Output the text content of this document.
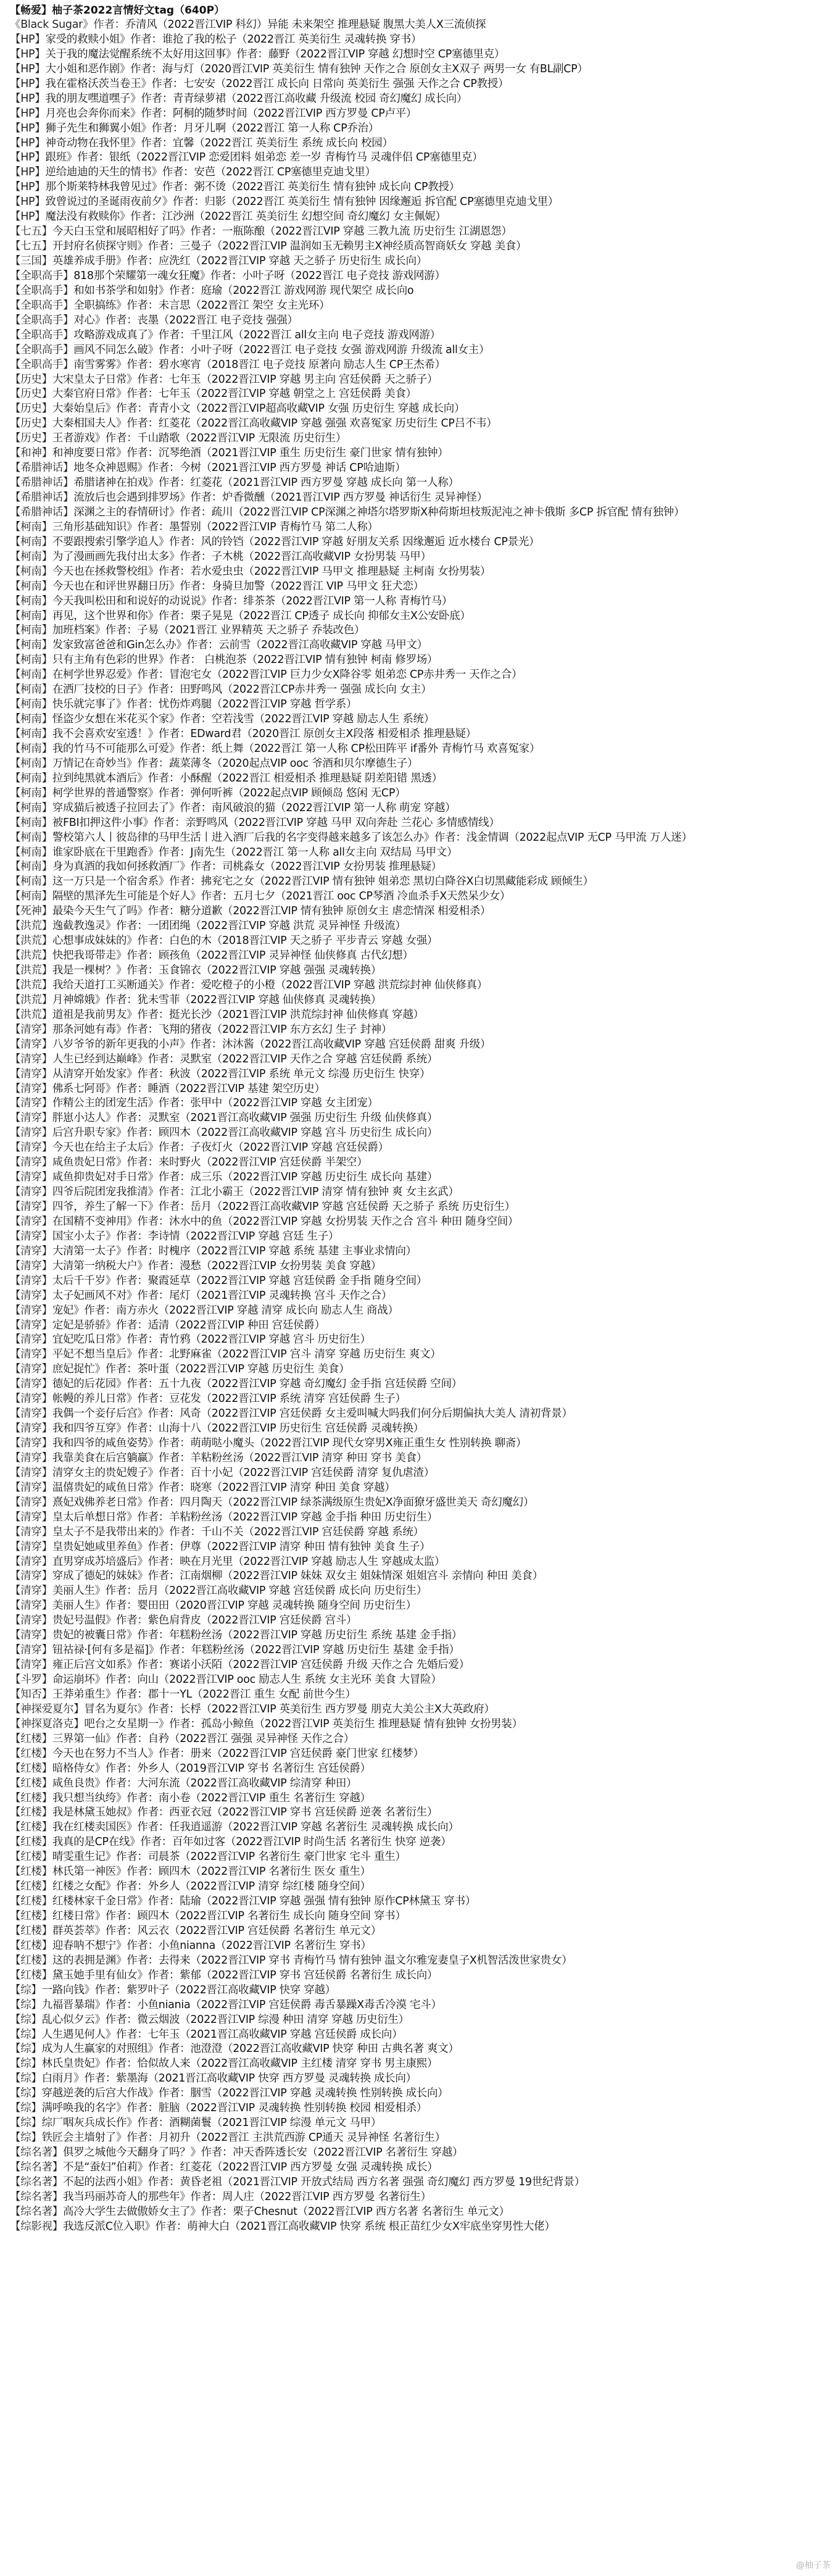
【畅爱】柚子茶2022言情好文tag（640P）
《Black Sugar》作者：乔清风（2022晋江VIP 科幻）异能 未来架空 推理悬疑 腹黑大美人X三流侦探
【HP】家受的救赎小姐》作者：谁抢了我的松子（2022晋江 英美衍生 灵魂转换 穿书）
【HP】关于我的魔法觉醒系统不太好用这回事》作者：藤野（2022晋江VIP 穿越 幻想时空 CP塞德里克）
【HP】大小姐和恶作剧》作者：海与灯（2020晋江VIP 英美衍生 情有独钟 天作之合 原创女主X双子 两男一女 有BL副CP）
【HP】我在霍格沃茨当卷王》作者：七安安（2022晋江 成长向 日常向 英美衍生 强强 天作之合 CP教授）
【HP】我的朋友嘿道嘿子》作者：青青绿萝裙（2022晋江高收藏 升级流 校园 奇幻魔幻 成长向）
【HP】月亮也会奔你而来》作者：阿桐的随梦时间（2022晋江VIP 西方罗曼 CP卢平）
【HP】狮子先生和狮翼小姐》作者：月牙儿啊（2022晋江 第一人称 CP乔治）
【HP】神奇动物在我怀里》作者：宜馨（2022晋江 英美衍生 系统 成长向 校园）
【HP】跟班》作者：银纸（2022晋江VIP 恋爱团料 姐弟恋 差一岁 青梅竹马 灵魂伴侣 CP塞德里克）
【HP】逆给迪迪的天生的情书》作者：安芭（2022晋江 CP塞德里克迪戈里）
【HP】那个斯莱特林我曾见过》作者：粥不烫（2022晋江 英美衍生 情有独钟 成长向 CP教授）
【HP】致曾说过的圣诞雨夜前夕》作者：归影（2022晋江 英美衍生 情有独钟 因缘邂逅 拆官配 CP塞德里克迪戈里）
【HP】魔法没有救赎你》作者：江沙洲（2022晋江 英美衍生 幻想空间 奇幻魔幻 女主佩妮）
【七五】今天白玉堂和展昭相好了吗》作者：一瓶陈酿（2022晋江VIP 穿越 三教九流 历史衍生 江湖恩怨）
【七五】开封府名侦探守则》作者：三曼子（2022晋江VIP 温润如玉无赖男主X神经质高智商妖女 穿越 美食）
【三国】英雄养成手册》作者：应洗红（2022晋江VIP 穿越 天之骄子 历史衍生 成长向）
【全职高手】818那个荣耀第一魂女狂魔》作者：小叶子呀（2022晋江 电子竞技 游戏网游）
【全职高手】和如书茶学和如射》作者：庭瑜（2022晋江 游戏网游 现代架空 成长向o
【全职高手】全职搞练》作者：未言思（2022晋江 架空 女主光环）
【全职高手】对心》作者：丧墨（2022晋江 电子竞技 强强）
【全职高手】攻略游戏成真了》作者：千里江风（2022晋江 all女主向 电子竞技 游戏网游）
【全职高手】画风不同怎么破》作者：小叶子呀（2022晋江 电子竞技 女强 游戏网游 升级流 all女主）
【全职高手】南雪雾雾》作者：碧水寒宵（2018晋江 电子竞技 原著向 励志人生 CP王杰希）
【历史】大宋皇太子日常》作者：七年玉（2022晋江VIP 穿越 男主向 宫廷侯爵 天之骄子）
【历史】大秦官府日常》作者：七年玉（2022晋江VIP 穿越 朝堂之上 宫廷侯爵 美食）
【历史】大秦始皇后》作者：青青小文（2022晋江VIP超高收藏VIP 女强 历史衍生 穿越 成长向）
【历史】大秦相国夫人》作者：红菱花（2022晋江高收藏VIP 穿越 强强 欢喜冤家 历史衍生 CP吕不韦）
【历史】王者游戏》作者：千山踏歌（2022晋江VIP 无限流 历史衍生）
【和神】和神度要日常》作者：沉琴绝酒（2021晋江VIP 重生 历史衍生 豪门世家 情有独钟）
【希腊神话】地冬众神恩赐》作者：今树（2021晋江VIP 西方罗曼 神话 CP哈迪斯）
【希腊神话】希腊诸神在拍戏》作者：红菱花（2021晋江VIP 西方罗曼 穿越 成长向 第一人称）
【希腊神话】流放后也会遇到排罗场》作者：炉香微醺（2021晋江VIP 西方罗曼 神话衍生 灵异神怪）
【希腊神话】深渊之主的春情研讨》作者：疏川（2022晋江VIP CP深渊之神塔尔塔罗斯X种荷斯坦枝叛泥沌之神卡俄斯 多CP 拆官配 情有独钟）
【柯南】三角形基础知识》作者：墨誓别（2022晋江VIP 青梅竹马 第二人称）
【柯南】不要跟搜索引擎学追人》作者：风的铃铛（2022晋江VIP 穿越 好朋友关系 因缘邂逅 近水楼台 CP景光）
【柯南】为了漫画画先我付出太多》作者：子木桃（2022晋江高收藏VIP 女扮男装 马甲）
【柯南】今天也在拯救警校组》作者：若水爱虫虫（2022晋江VIP 马甲文 推理悬疑 主柯南 女扮男装）
【柯南】今天也在和评世界翻日历》作者：身骑旦加警（2022晋江 VIP 马甲文 狂犬恋）
【柯南】今天我叫松田和和说好的动说说》作者：绯茶茶（2022晋江VIP 第一人称 青梅竹马）
【柯南】再见，这个世界和你》作者：栗子晃晃（2022晋江 CP透子 成长向 抑郁女主X公安卧底）
【柯南】加班档案》作者：子易（2021晋江 业界精英 天之骄子 乔装改色）
【柯南】发家致富爸爸和Gin怎么办》作者：云前雪（2022晋江高收藏VIP 穿越 马甲文）
【柯南】只有主角有色彩的世界》作者： 白桃泡茶（2022晋江VIP 情有独钟 柯南 修罗场）
【柯南】在柯学世界忍爱》作者：冒泡宅女（2022晋江VIP 巨力少女X降谷零 姐弟恋 CP赤井秀一 天作之合）
【柯南】在洒厂技校的日子》作者：田野鸣风（2022晋江CP赤井秀一 强强 成长向 女主）
【柯南】快乐就完事了》作者：忧伤炸鸡腿（2022晋江VIP 穿越 哲学系）
【柯南】怪盗少女想在米花买个家》作者：空若浅雪（2022晋江VIP 穿越 励志人生 系统）
【柯南】我不会喜欢安室透！》作者：EDward君（2020晋江 原创女主X段落 相爱相杀 推理悬疑）
【柯南】我的竹马不可能那么可爱》作者：纸上舞（2022晋江 第一人称 CP松田阵平 if番外 青梅竹马 欢喜冤家）
【柯南】万情记在奇妙当》作者：蔬菜薄冬（2020起点VIP ooc 爷酒和贝尔摩德生子）
【柯南】拉到纯黑就本酒后》作者：小酥醒（2022晋江 相爱相杀 推理悬疑 阴差阳错 黑透）
【柯南】柯学世界的普通警察》作者：弹何听裤（2022起点VIP 顾倾岛 悠闲 无CP）
【柯南】穿成猫后被透子拉回去了》作者：南风破浪的猫（2022晋江VIP 第一人称 萌宠 穿越）
【柯南】被FBI扣押这件小事》作者：亲野鸣风（2022晋江VIP 穿越 马甲 双向奔赴 兰花心 多情感情线）
【柯南】警校第六人丨彼岛律的马甲生活丨进入酒厂后我的名字变得越来越多了该怎么办》作者：浅金情调（2022起点VIP 无CP 马甲流 万人迷）
【柯南】谁家卧底在干里跑香》作者：J南先生（2022晋江 第一人称 all女主向 双结局 马甲文）
【柯南】身为真酒的我如何拯救酒厂》作者：司桃淼女（2022晋江VIP 女扮男装 推理悬疑）
【柯南】这一万只是一个宿舍系》作者：拂兖宅之女（2022晋江VIP 情有独钟 姐弟恋 黑切白降谷X白切黑藏能彩成 顾倾生）
【柯南】隔壁的黑泽先生可能是个好人》作者：五月七夕（2021晋江 ooc CP琴酒 冷血杀手X天然呆少女）
【死神】最染今天生气了吗》作者：糖分道歉（2022晋江VIP 情有独钟 原创女主 虐恋情深 相爱相杀）
【洪荒】逸截教逸灵》作者：一团团绳（2022晋江VIP 穿越 洪荒 灵异神怪 升级流）
【洪荒】心想事成妹妹的》作者：白色的木（2018晋江VIP 天之骄子 平步青云 穿越 女强）
【洪荒】快把我哥带走》作者：顾孩鱼（2022晋江VIP 灵异神怪 仙侠修真 古代幻想）
【洪荒】我是一棵树？》作者：玉食锦衣（2022晋江VIP 穿越 强强 灵魂转换）
【洪荒】我给天道打工买断通关》作者：爱吃橙子的小橙（2022晋江VIP 穿越 洪荒综封神 仙侠修真）
【洪荒】月神嫦娥》作者：犹未雪菲（2022晋江VIP 穿越 仙侠修真 灵魂转换）
【洪荒】道祖是我前男友》作者：挺光长沙（2021晋江VIP 洪荒综封神 仙侠修真 穿越）
【清穿】那条河她有毒》作者：飞翔的猪夜（2022晋江VIP 东方玄幻 生子 封神）
【清穿】八岁爷爷的新年更我的小声》作者：沐沐酱（2022晋江高收藏VIP 穿越 宫廷侯爵 甜爽 升级）
【清穿】人生已经到达巅峰》作者：灵默室（2022晋江VIP 天作之合 穿越 宫廷侯爵 系统）
【清穿】从清穿开始发家》作者：秋波（2022晋江VIP 系统 单元文 综漫 历史衍生 快穿）
【清穿】佛系七阿哥》作者：睡酒（2022晋江VIP 基建 架空历史）
【清穿】作精公主的团宠生活》作者：张甲中（2022晋江VIP 穿越 女主团宠）
【清穿】胖崽小达人》作者：灵默室（2021晋江高收藏VIP 强强 历史衍生 升级 仙侠修真）
【清穿】后宫升职专家》作者：顾四木（2022晋江高收藏VIP 穿越 宫斗 历史衍生 成长向）
【清穿】今天也在给主子太后》作者：子夜灯火（2022晋江VIP 穿越 宫廷侯爵）
【清穿】咸鱼贵妃日常》作者：来时野火（2022晋江VIP 宫廷侯爵 半架空）
【清穿】咸鱼抑贵妃对手日常》作者：成三乐（2022晋江VIP 穿越 历史衍生 成长向 基建）
【清穿】四爷后院团宠我推清》作者：江北小霸王（2022晋江VIP 清穿 情有独钟 爽 女主玄武）
【清穿】四爷，养生了解一下》作者：岳月（2022晋江高收藏VIP 穿越 宫廷侯爵 天之骄子 系统 历史衍生）
【清穿】在国精不变神用》作者：沐水中的鱼（2022晋江VIP 穿越 女扮男装 天作之合 宫斗 种田 随身空间）
【清穿】国宝小太子》作者：李诗情（2022晋江VIP 穿越 宫廷 生子）
【清穿】大清第一太子》作者：时槐序（2022晋江VIP 穿越 系统 基建 主事业求情向）
【清穿】大清第一纳税大户》作者：漫愁（2022晋江VIP 女扮男装 美食 穿越）
【清穿】太后千千岁》作者：聚霞延草（2022晋江VIP 穿越 宫廷侯爵 金手指 随身空间）
【清穿】太子妃画风不对》作者：尾灯（2021晋江VIP 灵魂转换 宫斗 天作之合）
【清穿】宠妃》作者：南方赤火（2022晋江VIP 穿越 清穿 成长向 励志人生 商战）
【清穿】定妃是骄骄》作者：适清（2022晋江VIP 种田 宫廷侯爵）
【清穿】宜妃吃瓜日常》作者：青竹鸦（2022晋江VIP 穿越 宫斗 历史衍生）
【清穿】平妃不想当皇后》作者：北野麻雀（2022晋江VIP 宫斗 清穿 穿越 历史衍生 爽文）
【清穿】庶妃捉忙》作者：茶叶蛋（2022晋江VIP 穿越 历史衍生 美食）
【清穿】德妃的后花园》作者：五十九夜（2022晋江VIP 穿越 奇幻魔幻 金手指 宫廷侯爵 空间）
【清穿】帐幔的养儿日常》作者：豆花发（2022晋江VIP 系统 清穿 宫廷侯爵 生子）
【清穿】我偶一个妾仔后宫》作者：风奇（2022晋江VIP 宫廷侯爵 女主爱叫喊大吗我们何分后期偏执大美人 清初背景）
【清穿】我和四爷互穿》作者：山海十八（2022晋江VIP 历史衍生 宫廷侯爵 灵魂转换）
【清穿】我和四爷的咸鱼姿势》作者：萌萌哒小魔头（2022晋江VIP 现代女穿男X雍正重生女 性别转换 聊斋）
【清穿】我靠美食在后宫躺赢》作者：羊粘粉丝汤（2022晋江VIP 清穿 种田 穿书 美食）
【清穿】清穿女主的贵妃嫂子》作者：百十小妃（2022晋江VIP 宫廷侯爵 清穿 复仇虐渣）
【清穿】温僖贵妃的咸鱼日常》作者：晓寒（2022晋江VIP 清穿 种田 美食 穿越）
【清穿】熹妃戏佛养老日常》作者：四月陶天（2022晋江VIP 绿茶满级原生贵妃X净面獠牙盛世美天 奇幻魔幻）
【清穿】皇太后单想日常》作者：羊粘粉丝汤（2022晋江VIP 穿越 金手指 种田 历史衍生）
【清穿】皇太子不是我带出来的》作者：千山不关（2022晋江VIP 宫廷侯爵 穿越 系统）
【清穿】皇贵妃她咸里养鱼》作者：伊尊（2022晋江VIP 清穿 种田 情有独钟 美食 生子）
【清穿】直男穿成苏培盛后》作者：映在月光里（2022晋江VIP 穿越 励志人生 穿越成太监）
【清穿】穿成了德妃的妹妹》作者：江南烟柳（2022晋江VIP 妹妹 双女主 姐妹情深 姐姐宫斗 亲情向 种田 美食）
【清穿】美丽人生》作者：岳月（2022晋江高收藏VIP 穿越 宫廷侯爵 成长向 历史衍生）
【清穿】美丽人生》作者：婴田田（2020晋江VIP 穿越 灵魂转换 随身空间 历史衍生）
【清穿】贵妃号温假》作者：紫色肩背皮（2022晋江VIP 宫廷侯爵 宫斗）
【清穿】贵妃的被囊日常》作者：年糕粉丝汤（2022晋江VIP 穿越 历史衍生 系统 基建 金手指）
【清穿】钮祜禄·[何有多是福]》作者：年糕粉丝汤（2022晋江VIP 穿越 历史衍生 基建 金手指）
【清穿】雍正后宫文如系》作者：赛诺小沃陌（2022晋江VIP 宫廷侯爵 升级 天作之合 先婚后爱）
【斗罗】命运崩坏》作者：向山（2022晋江VIP ooc 励志人生 系统 女主光环 美食 大冒险）
【知否】王莽弟重生》作者：郡十一YL（2022晋江 重生 女配 前世今生）
【神探爱夏尔】冒名为夏尔》作者：长桴（2022晋江VIP 英美衍生 西方罗曼 朋克大美公主X大英政府）
【神探夏洛克】吧台之女星期一》作者：孤岛小鲸鱼（2022晋江VIP 英美衍生 推理悬疑 情有独钟 女扮男装）
【红楼】三界第一仙》作者：自矜（2022晋江 强强 灵异神怪 天作之合）
【红楼】今天也在努力不当人》作者：册来（2022晋江VIP 宫廷侯爵 豪门世家 红楼梦）
【红楼】暗格侍女》作者：外乡人（2019晋江VIP 穿书 名著衍生 宫廷侯爵）
【红楼】咸鱼良贵》作者：大河东流（2022晋江高收藏VIP 综清穿 种田）
【红楼】我只想当纨绔》作者：南小卷（2022晋江VIP 重生 名著衍生 穿越）
【红楼】我是林黛玉她叔》作者：西亚衣冠（2022晋江VIP 穿书 宫廷侯爵 逆袭 名著衍生）
【红楼】我在红楼卖国医》作者：任我逍遥游（2022晋江VIP 穿越 名著衍生 灵魂转换 成长向）
【红楼】我真的是CP在线》作者：百年如过客（2022晋江VIP 时尚生活 名著衍生 快穿 逆袭）
【红楼】晴雯重生记》作者：司晨茶（2022晋江VIP 名著衍生 豪门世家 宅斗 重生）
【红楼】林氏第一神医》作者：顾四木（2022晋江VIP 名著衍生 医女 重生）
【红楼】红楼之女配》作者：外乡人（2022晋江VIP 清穿 综红楼 随身空间）
【红楼】红楼林家千金日常》作者：陆瑜（2022晋江VIP 穿越 强强 情有独钟 原作CP林黛玉 穿书）
【红楼】红楼日常》作者：顾四木（2022晋江VIP 名著衍生 成长向 随身空间 穿书）
【红楼】群英荟萃》作者：风云衣（2022晋江VIP 宫廷侯爵 名著衍生 单元文）
【红楼】迎春呐不想宁》作者：小鱼nianna（2022晋江VIP 名著衍生 穿书）
【红楼】这的表拥是渊》作者：去得来（2022晋江VIP 穿书 青梅竹马 情有独钟 温文尔雅宠妻皇子X机智活泼世家贵女）
【红楼】黛玉她手里有仙女》作者：紫郁（2022晋江VIP 穿书 宫廷侯爵 名著衍生 成长向）
【综】一路向钱》作者：紫罗叶子（2022晋江高收藏VIP 快穿 穿越）
【综】九福晋暴瑞》作者：小鱼niania（2022晋江VIP 宫廷侯爵 毒舌暴躁X毒舌冷漠 宅斗）
【综】乱心似夕云》作者：微云烟波（2022晋江VIP 综漫 种田 清穿 穿越 历史衍生）
【综】人生遇见何人》作者：七年玉（2021晋江高收藏VIP 穿越 宫廷侯爵 成长向）
【综】成为人生赢家的对照组》作者：池澄澄（2022晋江高收藏VIP 快穿 种田 古典名著 爽文）
【综】林氏皇贵妃》作者：恰似故人来（2022晋江高收藏VIP 主红楼 清穿 穿书 男主康熙）
【综】白雨月》作者：紫墨海（2021晋江高收藏VIP 快穿 西方罗曼 灵魂转换 成长向）
【综】穿越逆袭的后宫大作战》作者：胭雪（2022晋江VIP 穿越 灵魂转换 性别转换 成长向）
【综】满呼唤我的名字》作者：脏脑（2022晋江VIP 灵魂转换 性别转换 校园 相爱相杀）
【综】综厂咽灰兵成长作》作者：酒糊菌鬟（2021晋江VIP 综漫 单元文 马甲）
【综】铁匠会主墙射了》作者：月初升（2022晋江 主洪荒西游 CP通天 灵异神怪 名著衍生）
【综名著】俱罗之城他今天翻身了吗？》作者：冲天香阵透长安（2022晋江VIP 名著衍生 穿越）
【综名著】不是“蚕妇”伯莉》作者：红菱花（2022晋江VIP 西方罗曼 女强 灵魂转换 成长）
【综名著】不起的法西小姐》作者：黄昏老祖（2021晋江VIP 开放式结局 西方名著 强强 奇幻魔幻 西方罗曼 19世纪背景）
【综名著】我当玛丽苏奇人的那些年》作者：周人庄（2022晋江VIP 西方罗曼 名著衍生）
【综名著】高冷大学生去做傲娇女主了》作者：栗子Chesnut（2022晋江VIP 西方名著 名著衍生 单元文）
【综影视】我选反派C位入职》作者：萌神大白（2021晋江高收藏VIP 快穿 系统 根正苗红少女X牢底坐穿男性大佬）
@柚子茶
